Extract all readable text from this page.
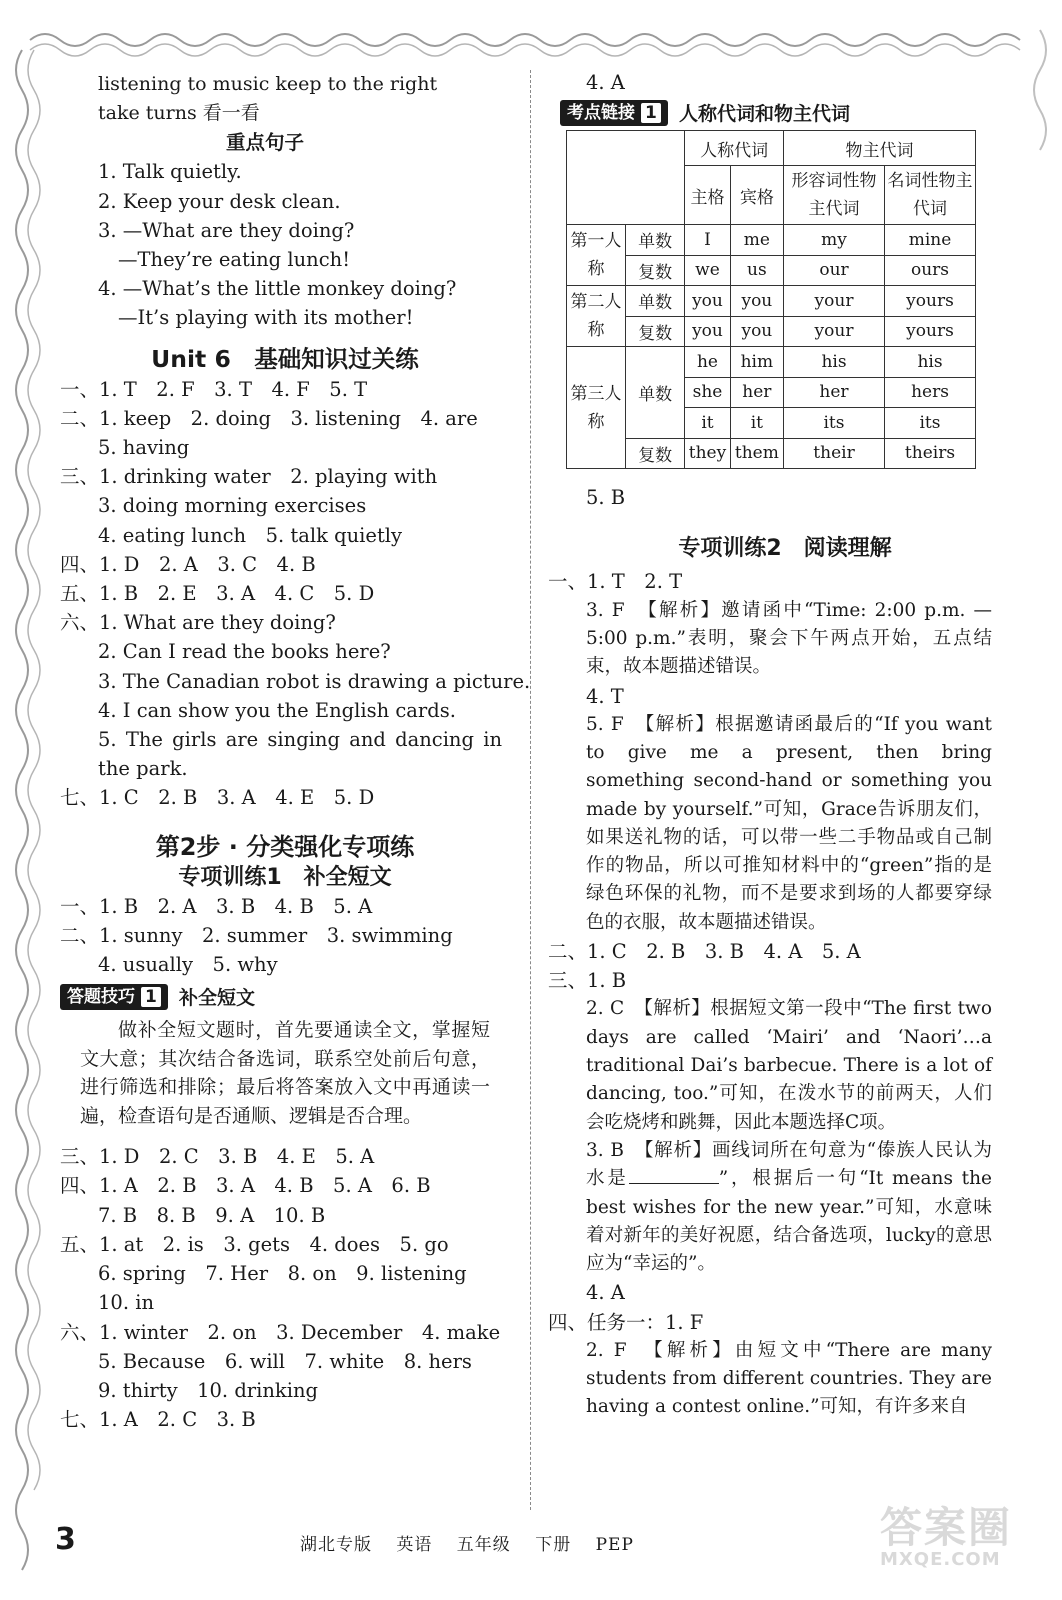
listening to music keep to the right
take turns 看一看
重点句子
1. Talk quietly.
2. Keep your desk clean.
3. —What are they doing?
—They’re eating lunch!
4. —What’s the little monkey doing?
—It’s playing with its mother!
Unit 6　基础知识过关练
一、1. T　2. F　3. T　4. F　5. T
二、1. keep　2. doing　3. listening　4. are
5. having
三、1. drinking water　2. playing with
3. doing morning exercises
4. eating lunch　5. talk quietly
四、1. D　2. A　3. C　4. B
五、1. B　2. E　3. A　4. C　5. D
六、1. What are they doing?
2. Can I read the books here?
3. The Canadian robot is drawing a picture.
4. I can show you the English cards.
5. The girls are singing and dancing in the park.
七、1. C　2. B　3. A　4. E　5. D
第2步 · 分类强化专项练
专项训练1　补全短文
一、1. B　2. A　3. B　4. B　5. A
二、1. sunny　2. summer　3. swimming
4. usually　5. why
答题技巧 1 补全短文
做补全短文题时，首先要通读全文，掌握短文大意；其次结合备选词，联系空处前后句意，进行筛选和排除；最后将答案放入文中再通读一遍，检查语句是否通顺、逻辑是否合理。
三、1. D　2. C　3. B　4. E　5. A
四、1. A　2. B　3. A　4. B　5. A　6. B
7. B　8. B　9. A　10. B
五、1. at　2. is　3. gets　4. does　5. go
6. spring　7. Her　8. on　9. listening
10. in
六、1. winter　2. on　3. December　4. make
5. Because　6. will　7. white　8. hers
9. thirty　10. drinking
七、1. A　2. C　3. B
4. A
考点链接 1 人称代词和物主代词
		人称代词		物主代词	
		主格	宾格	形容词性物主代词	名词性物主代词
第一人称	单数	I	me	my	mine
	复数	we	us	our	ours
第二人称	单数	you	you	your	yours
	复数	you	you	your	yours
第三人称	单数	he	him	his	his
		she	her	her	hers
		it	it	its	its
	复数	they	them	their	theirs
5. B
专项训练2　阅读理解
一、1. T　2. T
3. F　【解析】邀请函中“Time: 2:00 p.m. — 5:00 p.m.”表明，聚会下午两点开始，五点结束，故本题描述错误。
4. T
5. F　【解析】根据邀请函最后的“If you want to give me a present, then bring something second-hand or something you made by yourself.”可知，Grace告诉朋友们，如果送礼物的话，可以带一些二手物品或自己制作的物品，所以可推知材料中的“green”指的是绿色环保的礼物，而不是要求到场的人都要穿绿色的衣服，故本题描述错误。
二、1. C　2. B　3. B　4. A　5. A
三、1. B
2. C　【解析】根据短文第一段中“The first two days are called ‘Mairi’ and ‘Naori’…a traditional Dai’s barbecue. There is a lot of dancing, too.”可知，在泼水节的前两天，人们会吃烧烤和跳舞，因此本题选择C项。
3. B　【解析】画线词所在句意为“傣族人民认为水是	”，根据后一句“It means the best wishes for the new year.”可知，水意味着对新年的美好祝愿，结合备选项，lucky的意思应为“幸运的”。
4. A
四、任务一：1. F
2. F　【解析】由短文中“There are many students from different countries. They are having a contest online.”可知，有许多来自
3	湖北专版 英语 五年级 下册 PEP	答案圈
MXQE.COM
